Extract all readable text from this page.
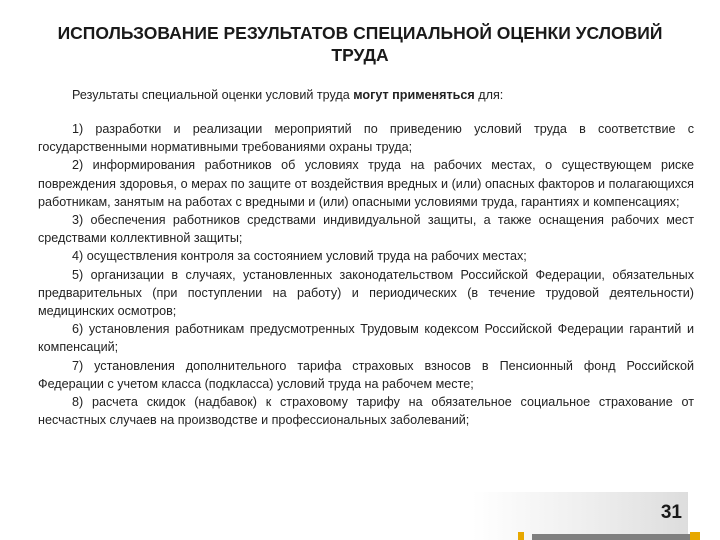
ИСПОЛЬЗОВАНИЕ РЕЗУЛЬТАТОВ СПЕЦИАЛЬНОЙ ОЦЕНКИ УСЛОВИЙ ТРУДА
Результаты специальной оценки условий труда могут применяться для:

1) разработки и реализации мероприятий по приведению условий труда в соответствие с государственными нормативными требованиями охраны труда;

2) информирования работников об условиях труда на рабочих местах, о существующем риске повреждения здоровья, о мерах по защите от воздействия вредных и (или) опасных факторов и полагающихся работникам, занятым на работах с вредными и (или) опасными условиями труда, гарантиях и компенсациях;

3) обеспечения работников средствами индивидуальной защиты, а также оснащения рабочих мест средствами коллективной защиты;

4) осуществления контроля за состоянием условий труда на рабочих местах;

5) организации в случаях, установленных законодательством Российской Федерации, обязательных предварительных (при поступлении на работу) и периодических (в течение трудовой деятельности) медицинских осмотров;

6) установления работникам предусмотренных Трудовым кодексом Российской Федерации гарантий и компенсаций;

7) установления дополнительного тарифа страховых взносов в Пенсионный фонд Российской Федерации с учетом класса (подкласса) условий труда на рабочем месте;

8) расчета скидок (надбавок) к страховому тарифу на обязательное социальное страхование от несчастных случаев на производстве и профессиональных заболеваний;

31
